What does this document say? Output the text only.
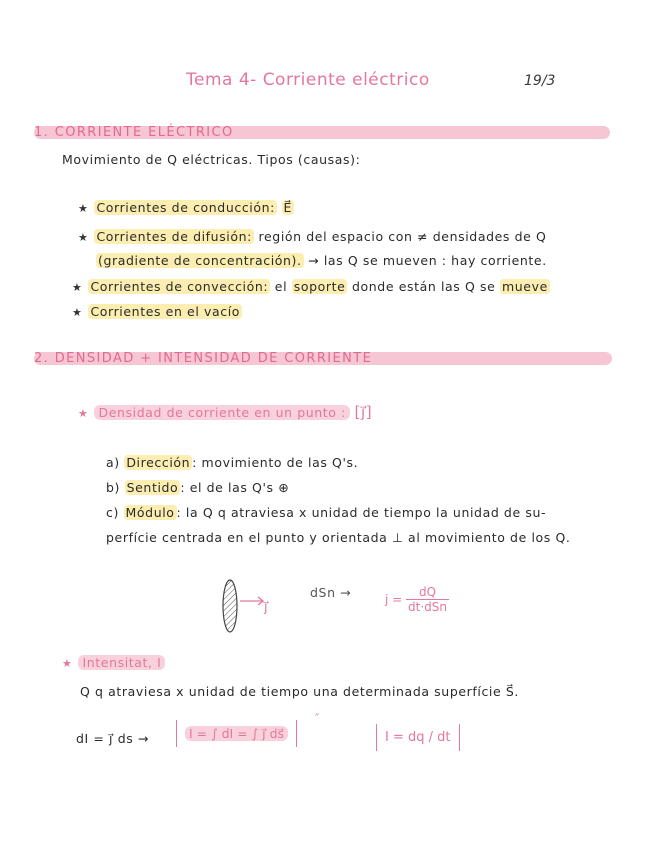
Tema 4- Corriente eléctrico	19/3
1. CORRIENTE ELÉCTRICO
Movimiento de Q eléctricas. Tipos (causas):
★ Corrientes de conducción: E⃗
★ Corrientes de difusión: región del espacio con ≠ densidades de Q
(gradiente de concentración). → las Q se mueven : hay corriente.
★ Corrientes de convección: el soporte donde están las Q se mueve
★ Corrientes en el vacío
2. DENSIDAD + INTENSIDAD DE CORRIENTE
★ Densidad de corriente en un punto : [j⃗]
a) Dirección : movimiento de las Q's.
b) Sentido : el de las Q's ⊕
c) Módulo : la Q q atraviesa x unidad de tiempo la unidad de su-
perfície centrada en el punto y orientada ⊥ al movimiento de los Q.
j⃗
dSn →	j =
dQ
dt·dSn
★ Intensitat, I
Q q atraviesa x unidad de tiempo una determinada superfície S⃗.
dI = j⃗ ds →	I = ∫ dI = ∫ j⃗ ds⃗
˝
I = dq / dt
